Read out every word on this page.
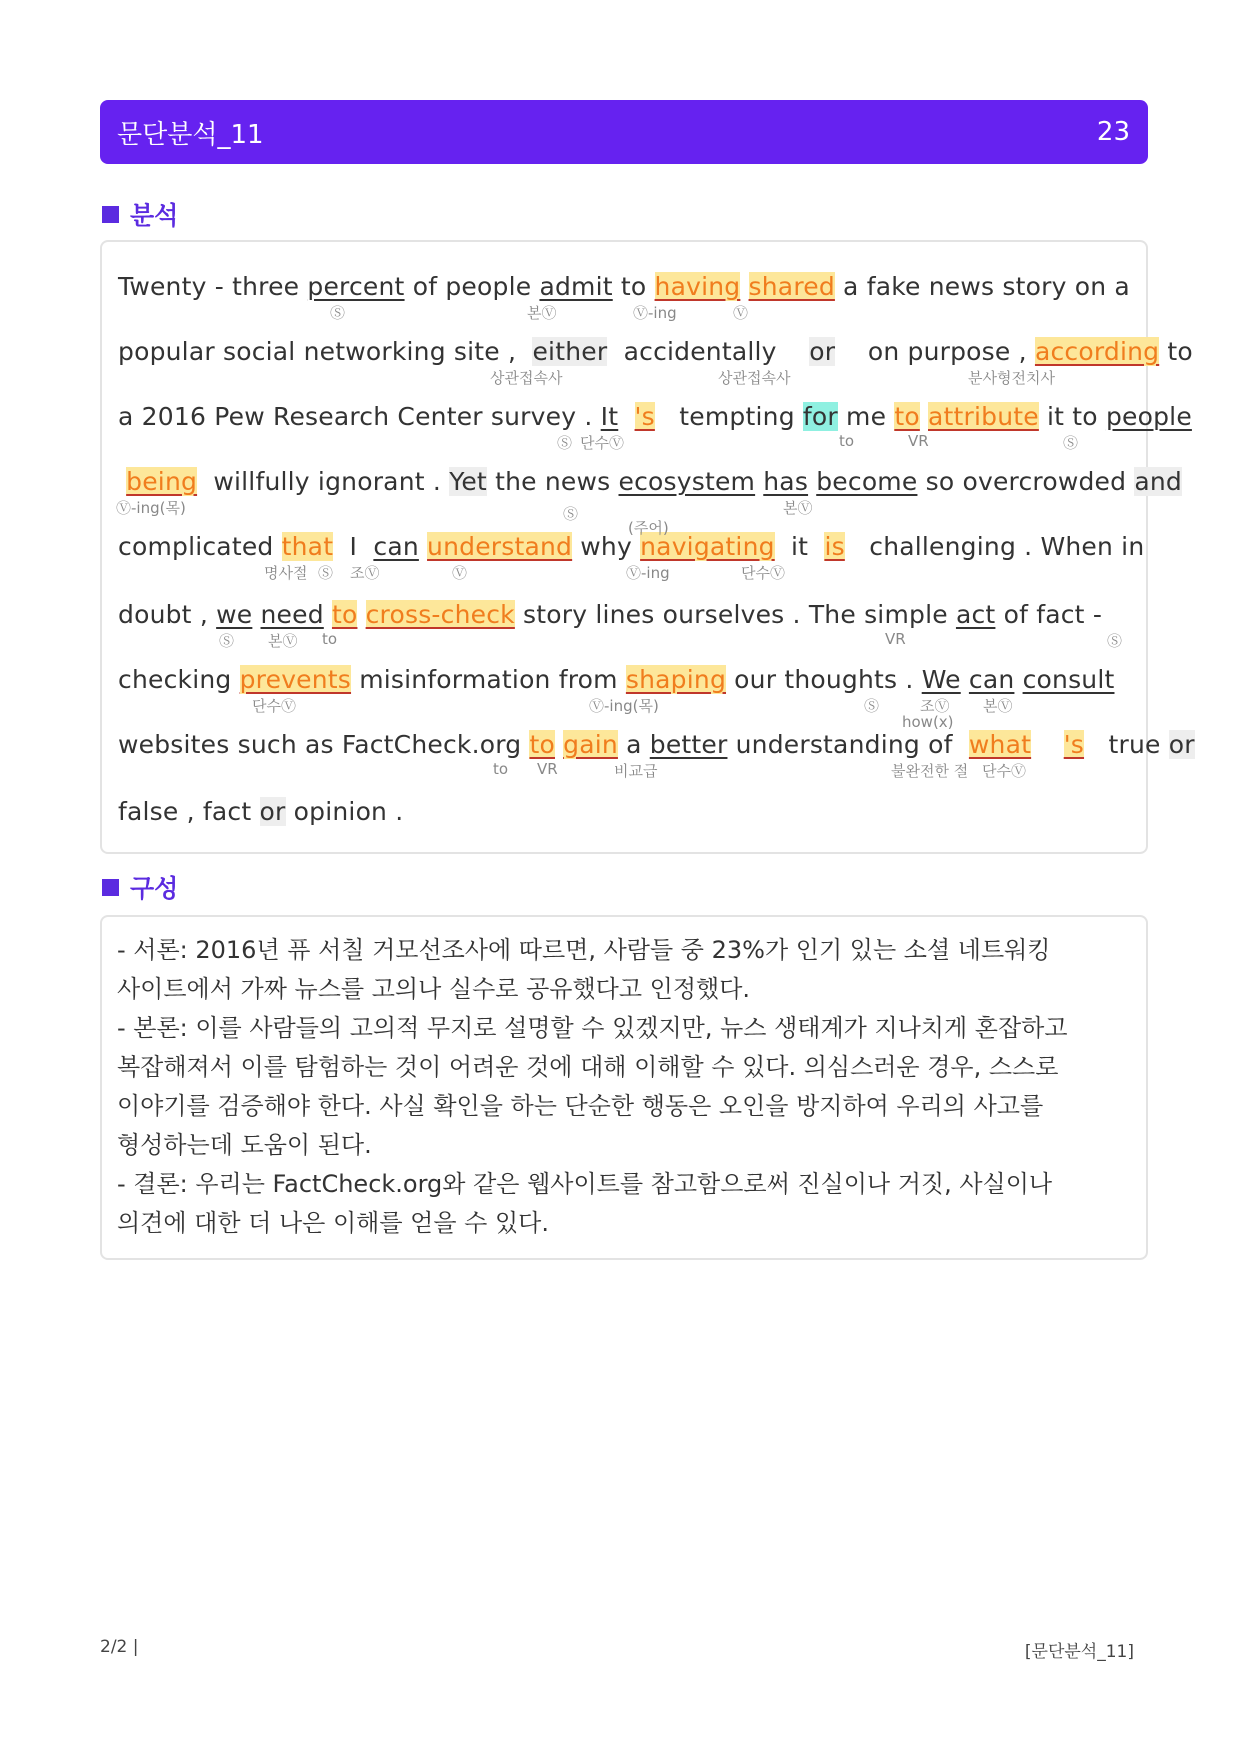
문단분석_11	23
분석
Twenty - three percent of people admit to having shared a fake news story on a
popular social networking site ,  either  accidentally    or    on purpose , according to
a 2016 Pew Research Center survey . It 's   tempting for me to attribute it to people
being  willfully ignorant . Yet the news ecosystem has become so overcrowded and
complicated that  I  can understand why navigating  it  is   challenging . When in
doubt , we need to cross-check story lines ourselves . The simple act of fact -
checking prevents misinformation from shaping our thoughts . We can consult
websites such as FactCheck.org to gain a better understanding of  what 's   true or
false , fact or opinion .
Ⓢ	본Ⓥ	Ⓥ-ing	Ⓥ
상관접속사	상관접속사	분사형전치사
Ⓢ 단수Ⓥ	to	VR	Ⓢ
Ⓥ-ing(목)	Ⓢ	본Ⓥ
(주어)
명사절 Ⓢ 조Ⓥ	Ⓥ	Ⓥ-ing	단수Ⓥ
Ⓢ 본Ⓥ to	VR	Ⓢ
단수Ⓥ	Ⓥ-ing(목)	Ⓢ	조Ⓥ 본Ⓥ
how(x)
to VR	비교급	불완전한 절 단수Ⓥ
구성
- 서론: 2016년 퓨 서칠 거모선조사에 따르면, 사람들 중 23%가 인기 있는 소셜 네트워킹
사이트에서 가짜 뉴스를 고의나 실수로 공유했다고 인정했다.
- 본론: 이를 사람들의 고의적 무지로 설명할 수 있겠지만, 뉴스 생태계가 지나치게 혼잡하고
복잡해져서 이를 탐험하는 것이 어려운 것에 대해 이해할 수 있다. 의심스러운 경우, 스스로
이야기를 검증해야 한다. 사실 확인을 하는 단순한 행동은 오인을 방지하여 우리의 사고를
형성하는데 도움이 된다.
- 결론: 우리는 FactCheck.org와 같은 웹사이트를 참고함으로써 진실이나 거짓, 사실이나
의견에 대한 더 나은 이해를 얻을 수 있다.
2/2 |	[문단분석_11]
